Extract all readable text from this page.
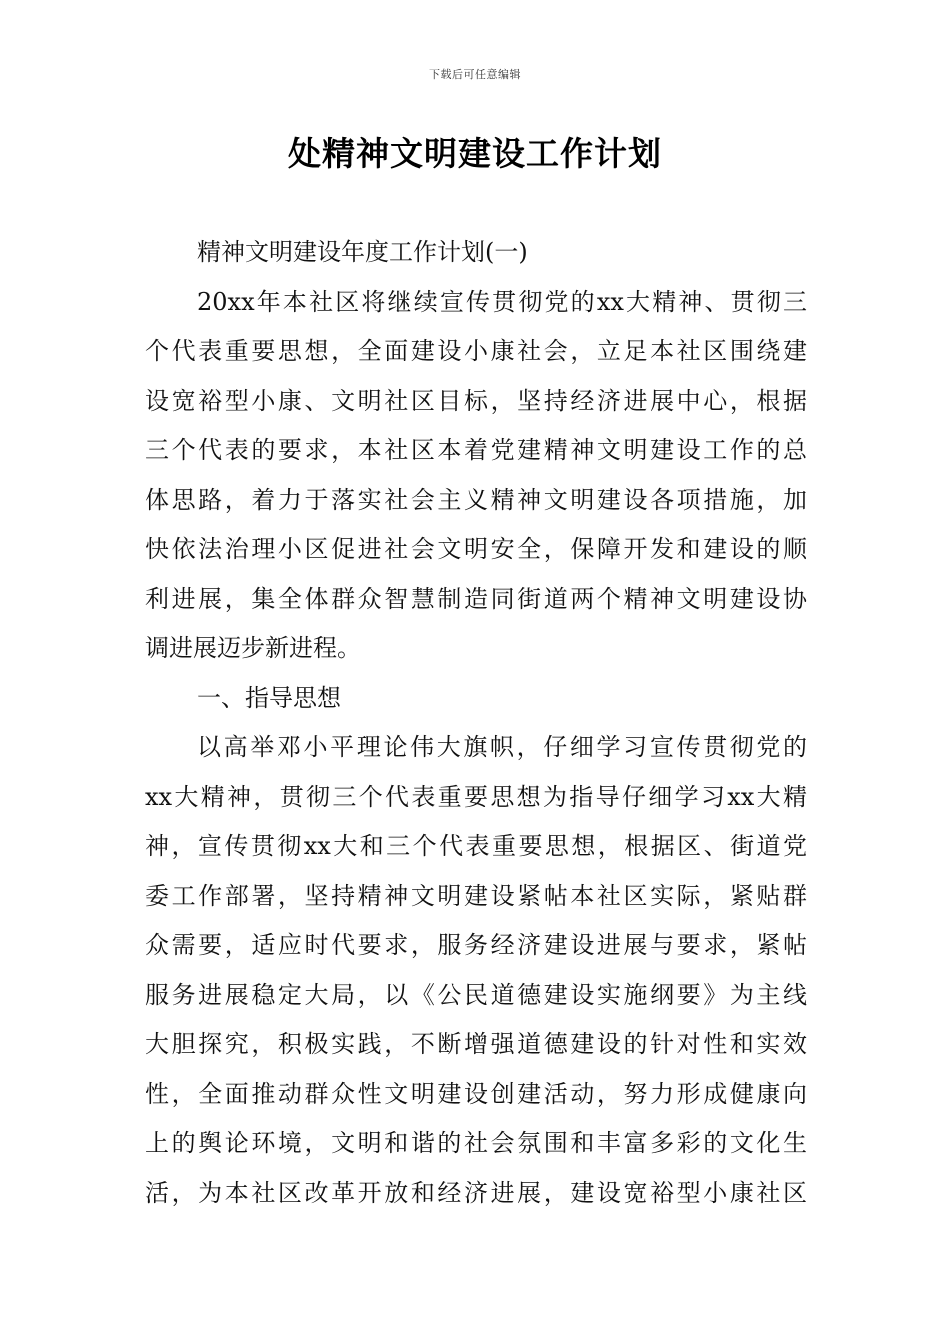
下载后可任意编辑
处精神文明建设工作计划
精神文明建设年度工作计划(一)
20xx年本社区将继续宣传贯彻党的xx大精神、贯彻三
个代表重要思想，全面建设小康社会，立足本社区围绕建
设宽裕型小康、文明社区目标，坚持经济进展中心，根据
三个代表的要求，本社区本着党建精神文明建设工作的总
体思路，着力于落实社会主义精神文明建设各项措施，加
快依法治理小区促进社会文明安全，保障开发和建设的顺
利进展，集全体群众智慧制造同街道两个精神文明建设协
调进展迈步新进程。
一、指导思想
以高举邓小平理论伟大旗帜，仔细学习宣传贯彻党的
xx大精神，贯彻三个代表重要思想为指导仔细学习xx大精
神，宣传贯彻xx大和三个代表重要思想，根据区、街道党
委工作部署，坚持精神文明建设紧帖本社区实际，紧贴群
众需要，适应时代要求，服务经济建设进展与要求，紧帖
服务进展稳定大局，以《公民道德建设实施纲要》为主线
大胆探究，积极实践，不断增强道德建设的针对性和实效
性，全面推动群众性文明建设创建活动，努力形成健康向
上的舆论环境，文明和谐的社会氛围和丰富多彩的文化生
活，为本社区改革开放和经济进展，建设宽裕型小康社区
